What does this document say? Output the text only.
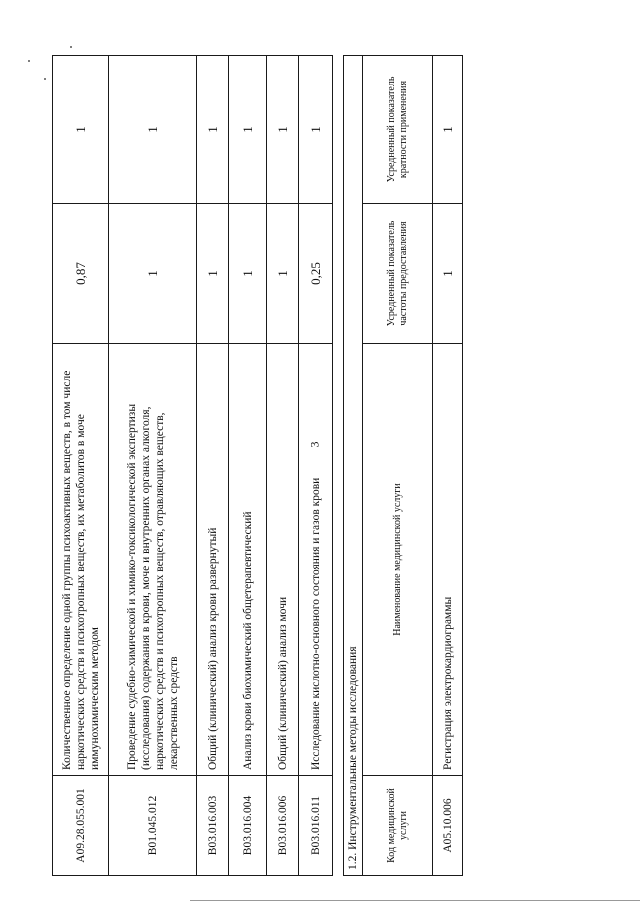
3
A09.28.055.001	Количественное определение одной группы психоактивных веществ, в том числе наркотических средств и психотропных веществ, их метаболитов в моче иммунохимическим методом	0,87	1
B01.045.012	Проведение судебно-химической и химико-токсикологической экспертизы (исследования) содержания в крови, моче и внутренних органах алкоголя, наркотических средств и психотропных веществ, отравляющих веществ, лекарственных средств	1	1
B03.016.003	Общий (клинический) анализ крови развернутый	1	1
B03.016.004	Анализ крови биохимический общетерапевтический	1	1
B03.016.006	Общий (клинический) анализ мочи	1	1
B03.016.011	Исследование кислотно-основного состояния и газов крови	0,25	1
1.2. Инструментальные методы исследования			
Код медицинской услуги	Наименование медицинской услуги	Усредненный показатель частоты предоставления	Усредненный показатель кратности применения
A05.10.006	Регистрация электрокардиограммы	1	1
